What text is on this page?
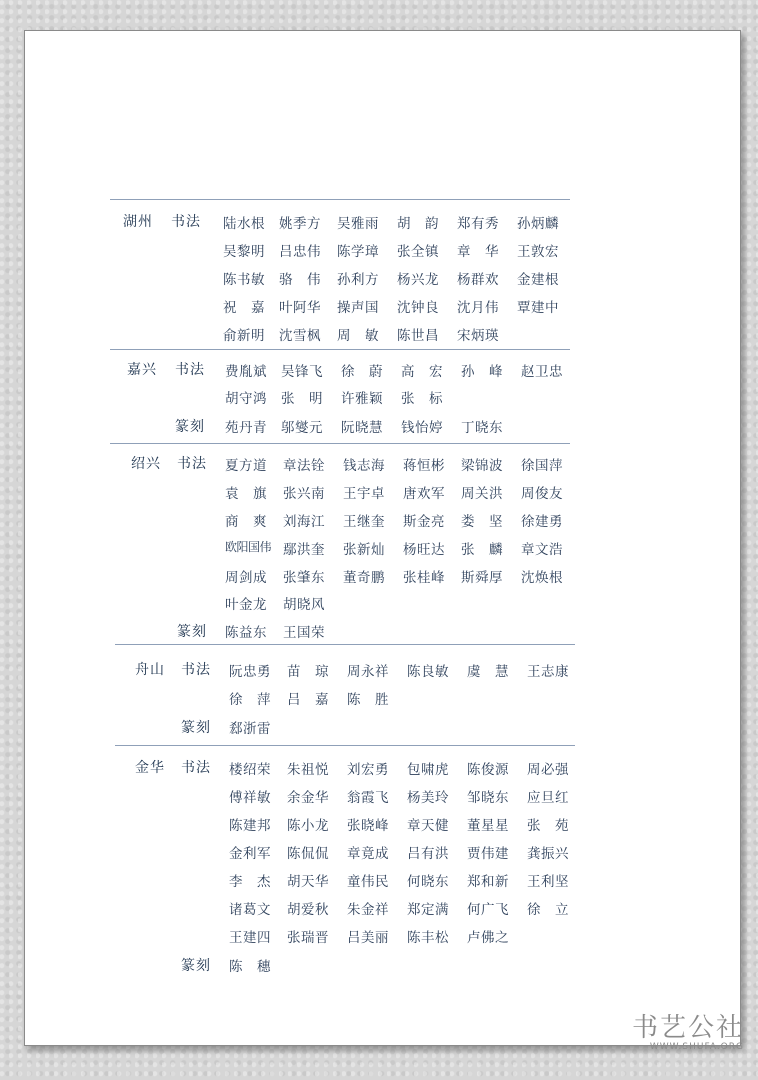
湖州 书法 陆水根 姚季方 吴雅雨 胡　韵 郑有秀 孙炳麟
吴黎明 吕忠伟 陈学璋 张全镇 章　华 王敦宏
陈书敏 骆　伟 孙利方 杨兴龙 杨群欢 金建根
祝　嘉 叶阿华 操声国 沈钟良 沈月伟 覃建中
俞新明 沈雪枫 周　敏 陈世昌 宋炳瑛
嘉兴 书法 费胤斌 吴锋飞 徐　蔚 高　宏 孙　峰 赵卫忠
胡守鸿 张　明 许雅颖 张　标
篆刻 苑丹青 邬燮元 阮晓慧 钱怡婷 丁晓东
绍兴 书法 夏方道 章法铨 钱志海 蒋恒彬 梁锦波 徐国萍
袁　旗 张兴南 王宇卓 唐欢军 周关洪 周俊友
商　爽 刘海江 王继奎 斯金亮 娄　坚 徐建勇
欧阳国伟 鄢洪奎 张新灿 杨旺达 张　麟 章文浩
周剑成 张肇东 董奇鹏 张桂峰 斯舜厚 沈焕根
叶金龙 胡晓风
篆刻 陈益东 王国荣
舟山 书法 阮忠勇 苗　琼 周永祥 陈良敏 虞　慧 王志康
徐　萍 吕　嘉 陈　胜
篆刻 郄浙雷
金华 书法 楼绍荣 朱祖悦 刘宏勇 包啸虎 陈俊源 周必强
傅祥敏 余金华 翁霞飞 杨美玲 邹晓东 应旦红
陈建邦 陈小龙 张晓峰 章天健 董星星 张　苑
金利军 陈侃侃 章竟成 吕有洪 贾伟建 龚振兴
李　杰 胡天华 童伟民 何晓东 郑和新 王利坚
诸葛文 胡爱秋 朱金祥 郑定满 何广飞 徐　立
王建四 张瑞晋 吕美丽 陈丰松 卢佛之
篆刻 陈　穗
书艺公社
WWW.SHUFA.ORG
